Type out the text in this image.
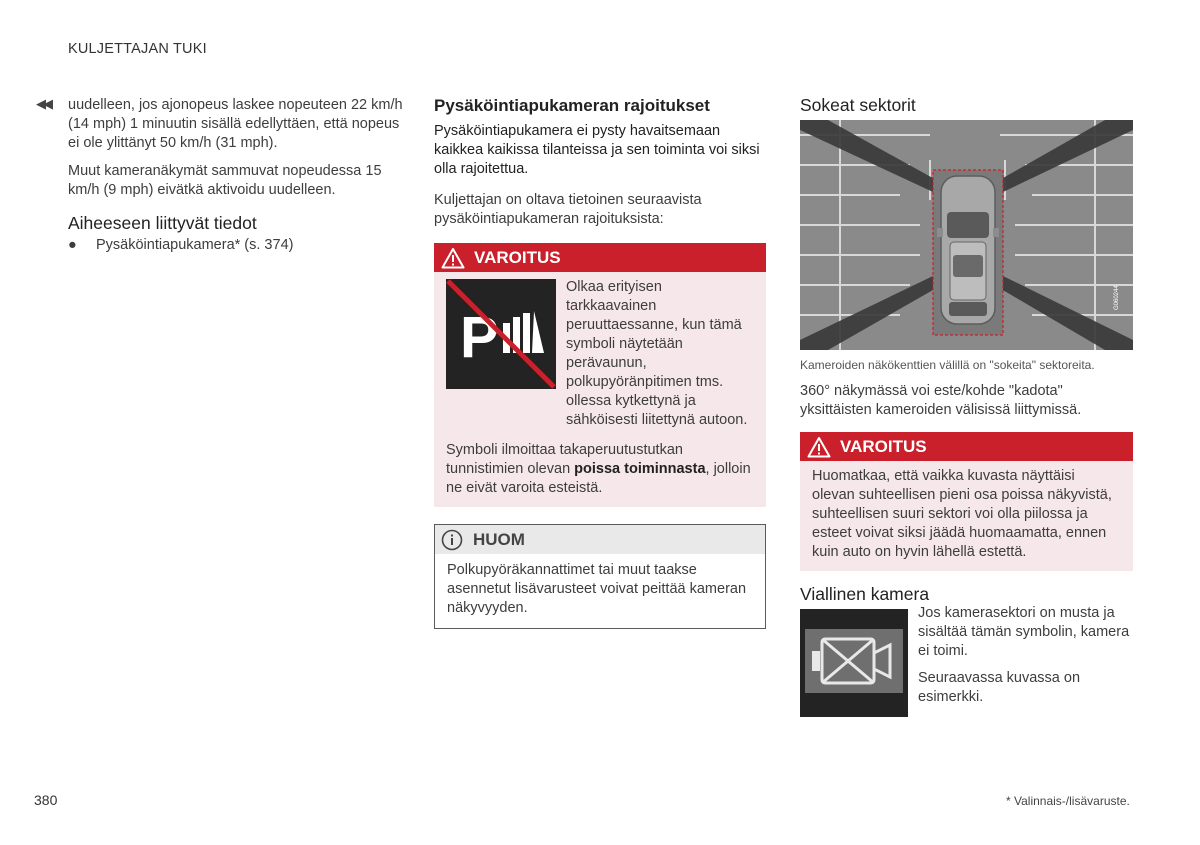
KULJETTAJAN TUKI
◀◀ uudelleen, jos ajonopeus laskee nopeuteen 22 km/h (14 mph) 1 minuutin sisällä edellyttäen, että nopeus ei ole ylittänyt 50 km/h (31 mph).

Muut kameranäkymät sammuvat nopeudessa 15 km/h (9 mph) eivätkä aktivoidu uudelleen.

Aiheeseen liittyvät tiedot
●	Pysäköintiapukamera* (s. 374)
Pysäköintiapukameran rajoitukset

Pysäköintiapukamera ei pysty havaitsemaan kaikkea kaikissa tilanteissa ja sen toiminta voi siksi olla rajoitettua.

Kuljettajan on oltava tietoinen seuraavista pysäköintiapukameran rajoituksista:

VAROITUS
P

Olkaa erityisen tarkkaavainen peruuttaessanne, kun tämä symboli näytetään perävaunun, polkupyöränpitimen tms. ollessa kytkettynä ja sähköisesti liitettynä autoon.

Symboli ilmoittaa takaperuutustutkan tunnistimien olevan poissa toiminnasta, jolloin ne eivät varoita esteistä.

HUOM

Polkupyöräkannattimet tai muut taakse asennetut lisävarusteet voivat peittää kameran näkyvyyden.

Sokeat sektorit
G060244

Kameroiden näkökenttien välillä on "sokeita" sektoreita.

360° näkymässä voi este/kohde "kadota" yksittäisten kameroiden välisissä liittymissä.

VAROITUS

Huomatkaa, että vaikka kuvasta näyttäisi olevan suhteellisen pieni osa poissa näkyvistä, suhteellisen suuri sektori voi olla piilossa ja esteet voivat siksi jäädä huomaamatta, ennen kuin auto on hyvin lähellä estettä.

Viallinen kamera

Jos kamerasektori on musta ja sisältää tämän symbolin, kamera ei toimi.

Seuraavassa kuvassa on esimerkki.

380	* Valinnais-/lisävaruste.
